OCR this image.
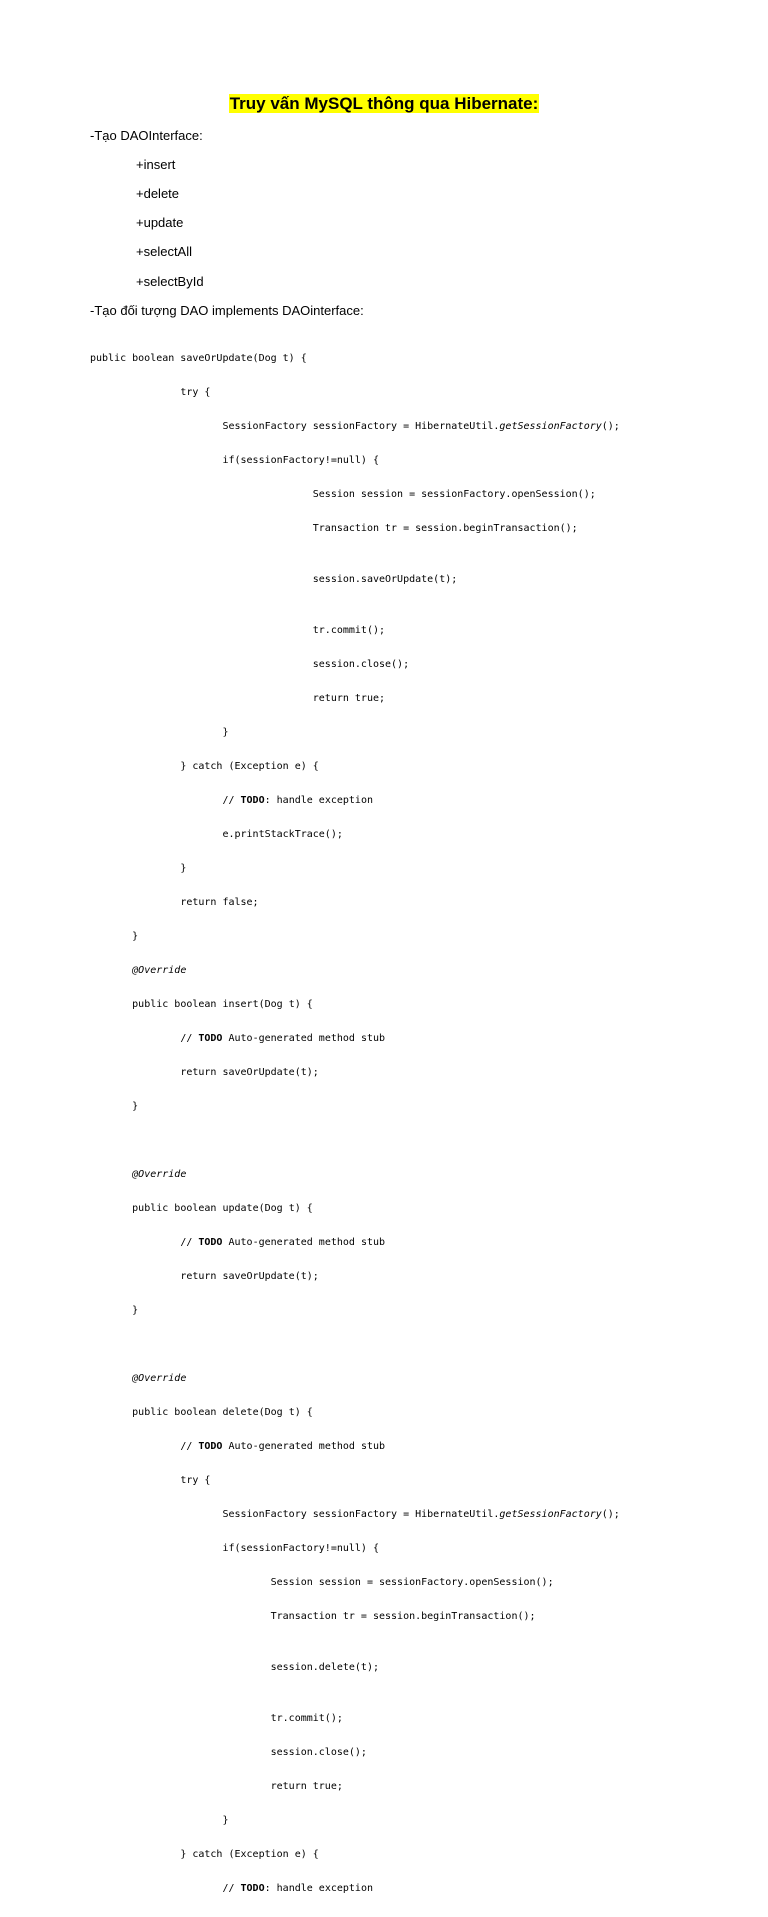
Truy vấn MySQL thông qua Hibernate:
-Tạo DAOInterface:
+insert
+delete
+update
+selectAll
+selectById
-Tạo đối tượng DAO implements DAOinterface:

public boolean saveOrUpdate(Dog t) {

try {

SessionFactory sessionFactory = HibernateUtil.getSessionFactory();

if(sessionFactory!=null) {

Session session = sessionFactory.openSession();

Transaction tr = session.beginTransaction();

session.saveOrUpdate(t);

tr.commit();

session.close();

return true;

}

} catch (Exception e) {

// TODO: handle exception

e.printStackTrace();

}

return false;

}

@Override

public boolean insert(Dog t) {

// TODO Auto-generated method stub

return saveOrUpdate(t);

}

@Override

public boolean update(Dog t) {

// TODO Auto-generated method stub

return saveOrUpdate(t);

}

@Override

public boolean delete(Dog t) {

// TODO Auto-generated method stub

try {

SessionFactory sessionFactory = HibernateUtil.getSessionFactory();

if(sessionFactory!=null) {

Session session = sessionFactory.openSession();

Transaction tr = session.beginTransaction();

session.delete(t);

tr.commit();

session.close();

return true;

}

} catch (Exception e) {

// TODO: handle exception
